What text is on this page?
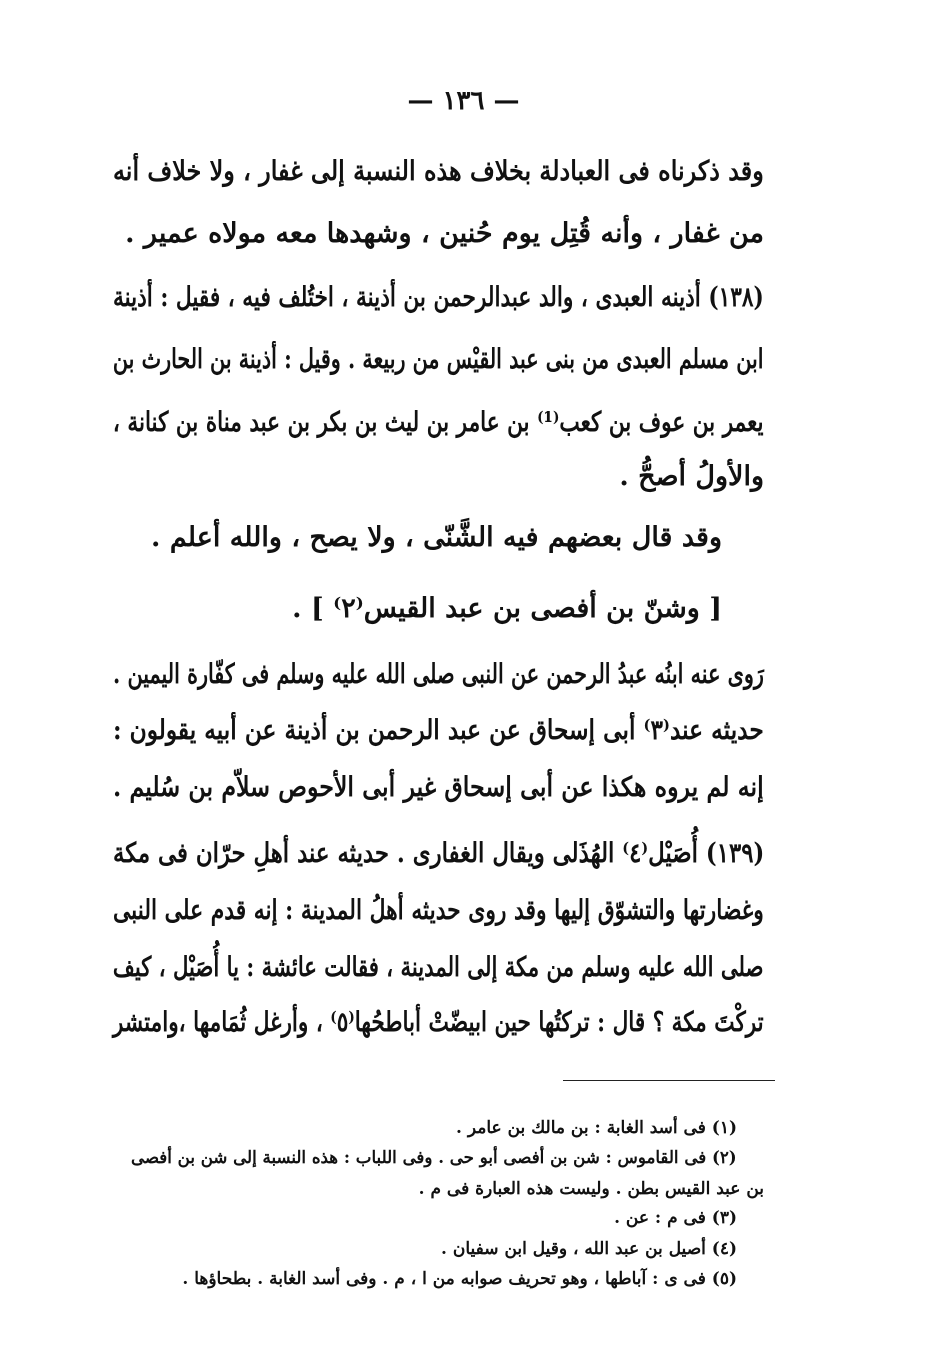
— ١٣٦ —
وقد ذكرناه فى العبادلة بخلاف هذه النسبة إلى غفار ، ولا خلاف أنه
من غفار ، وأنه قُتِل يوم حُنين ، وشهدها معه مولاه عمير .
(١٣٨) أذينه العبدى ، والد عبدالرحمن بن أذينة ، اختُلف فيه ، فقيل : أذينة
ابن مسلم العبدى من بنى عبد القيْس من ربيعة . وقيل : أذينة بن الحارث بن
يعمر بن عوف بن كعب⁽¹⁾ بن عامر بن ليث بن بكر بن عبد مناة بن كنانة ،
والأولُ أصحُّ .
وقد قال بعضهم فيه الشَّنّى ، ولا يصح ، والله أعلم .
[ وشنّ بن أفصى بن عبد القيس⁽٢⁾ ] .
رَوى عنه ابنُه عبدُ الرحمن عن النبى صلى الله عليه وسلم فى كفّارة اليمين .
حديثه عند⁽٣⁾ أبى إسحاق عن عبد الرحمن بن أذينة عن أبيه يقولون :
إنه لم يروه هكذا عن أبى إسحاق غير أبى الأحوص سلاّم بن سُليم .
(١٣٩) أُصَيْل⁽٤⁾ الهُذَلى ويقال الغفارى . حديثه عند أهلِ حرّان فى مكة
وغضارتها والتشوّق إليها وقد روى حديثه أهلُ المدينة : إنه قدم على النبى
صلى الله عليه وسلم من مكة إلى المدينة ، فقالت عائشة : يا أُصَيْل ، كيف
تركْتَ مكة ؟ قال : تركتُها حين ابيضّتْ أباطحُها⁽٥⁾ ، وأرغل ثُمَامها ،وامتشر
(١) فى أسد الغابة : بن مالك بن عامر .
(٢) فى القاموس : شن بن أفصى أبو حى . وفى اللباب : هذه النسبة إلى شن بن أفصى
بن عبد القيس بطن . وليست هذه العبارة فى م .
(٣) فى م : عن .
(٤) أصيل بن عبد الله ، وقيل ابن سفيان .
(٥) فى ى : آباطها ، وهو تحريف صوابه من ا ، م . وفى أسد الغابة . بطحاؤها .
